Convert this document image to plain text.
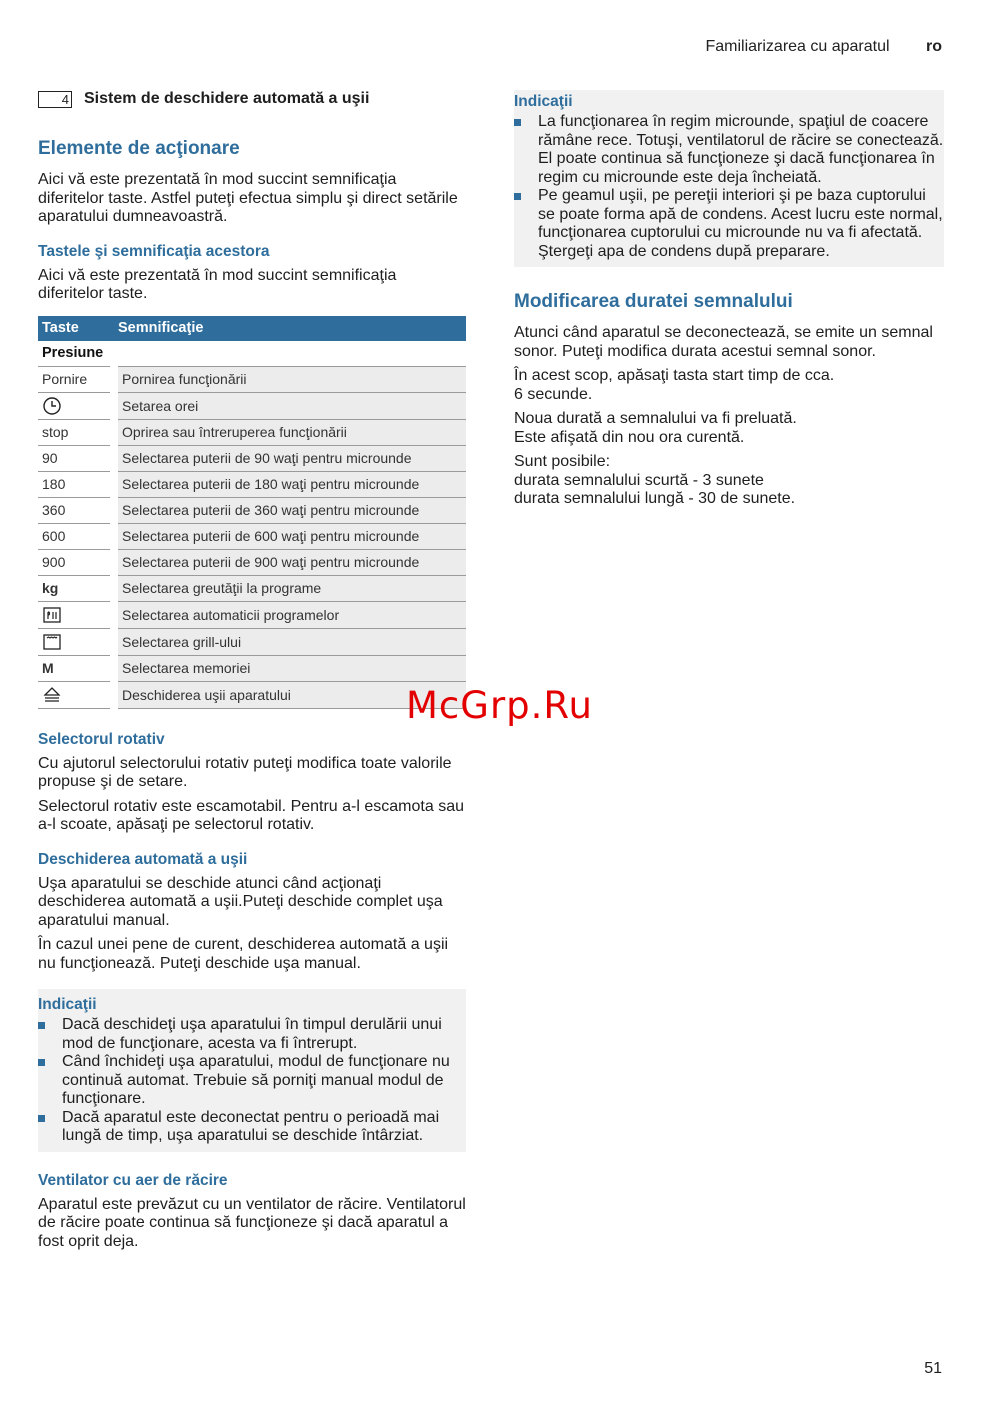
Familiarizarea cu aparatul ro
4 Sistem de deschidere automată a uşii
Elemente de acţionare

Aici vă este prezentată în mod succint semnificaţia diferitelor taste. Astfel puteţi efectua simplu şi direct setările aparatului dumneavoastră.

Tastele şi semnificaţia acestora

Aici vă este prezentată în mod succint semnificaţia diferitelor taste.

Taste	Semnificaţie
Presiune	
Pornire	Pornirea funcţionării
	Setarea orei
stop	Oprirea sau întreruperea funcţionării
90	Selectarea puterii de 90 waţi pentru microunde
180	Selectarea puterii de 180 waţi pentru microunde
360	Selectarea puterii de 360 waţi pentru microunde
600	Selectarea puterii de 600 waţi pentru microunde
900	Selectarea puterii de 900 waţi pentru microunde
kg	Selectarea greutăţii la programe
	Selectarea automaticii programelor
	Selectarea grill-ului
M	Selectarea memoriei
	Deschiderea uşii aparatului
Selectorul rotativ

Cu ajutorul selectorului rotativ puteţi modifica toate valorile propuse şi de setare.

Selectorul rotativ este escamotabil. Pentru a-l escamota sau a-l scoate, apăsaţi pe selectorul rotativ.

Deschiderea automată a uşii

Uşa aparatului se deschide atunci când acţionaţi deschiderea automată a uşii.Puteţi deschide complet uşa aparatului manual.

În cazul unei pene de curent, deschiderea automată a uşii nu funcţionează. Puteţi deschide uşa manual.

Indicaţii
Dacă deschideţi uşa aparatului în timpul derulării unui mod de funcţionare, acesta va fi întrerupt.
Când închideţi uşa aparatului, modul de funcţionare nu continuă automat. Trebuie să porniţi manual modul de funcţionare.
Dacă aparatul este deconectat pentru o perioadă mai lungă de timp, uşa aparatului se deschide întârziat.
Ventilator cu aer de răcire

Aparatul este prevăzut cu un ventilator de răcire. Ventilatorul de răcire poate continua să funcţioneze şi dacă aparatul a fost oprit deja.

Indicaţii
La funcţionarea în regim microunde, spaţiul de coacere rămâne rece. Totuşi, ventilatorul de răcire se conectează. El poate continua să funcţioneze şi dacă funcţionarea în regim cu microunde este deja încheiată.
Pe geamul uşii, pe pereţii interiori şi pe baza cuptorului se poate forma apă de condens. Acest lucru este normal, funcţionarea cuptorului cu microunde nu va fi afectată. Ştergeţi apa de condens după preparare.
Modificarea duratei semnalului

Atunci când aparatul se deconectează, se emite un semnal sonor. Puteţi modifica durata acestui semnal sonor.

În acest scop, apăsaţi tasta start timp de cca.
6 secunde.

Noua durată a semnalului va fi preluată.
Este afişată din nou ora curentă.

Sunt posibile:
durata semnalului scurtă - 3 sunete
durata semnalului lungă - 30 de sunete.

McGrp.Ru
51
